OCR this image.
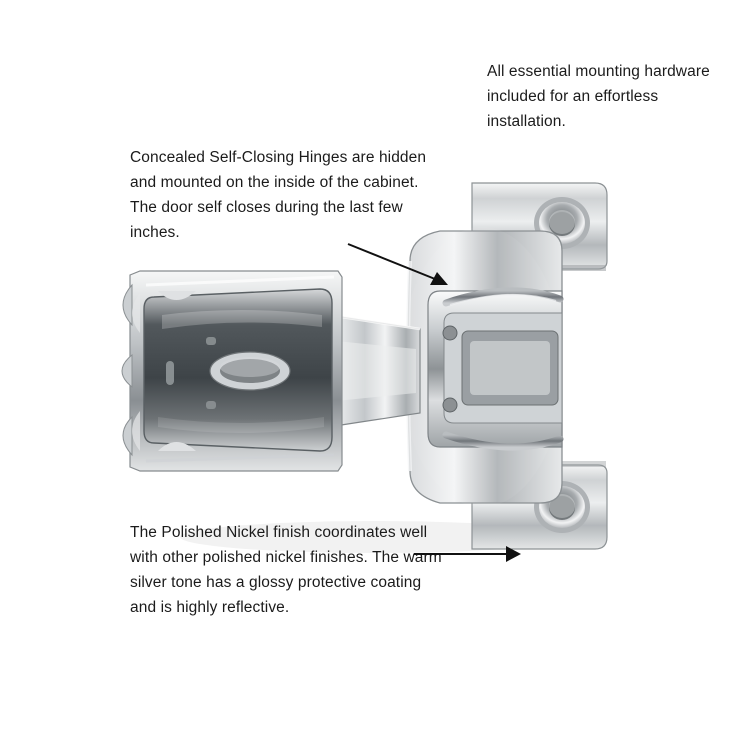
All essential mounting hardware included for an effortless installation.
Concealed Self-Closing Hinges are hidden and mounted on the inside of the cabinet. The door self closes during the last few inches.
The Polished Nickel finish coordinates well with other polished nickel finishes. The warm silver tone has a glossy protective coating and is highly reflective.
